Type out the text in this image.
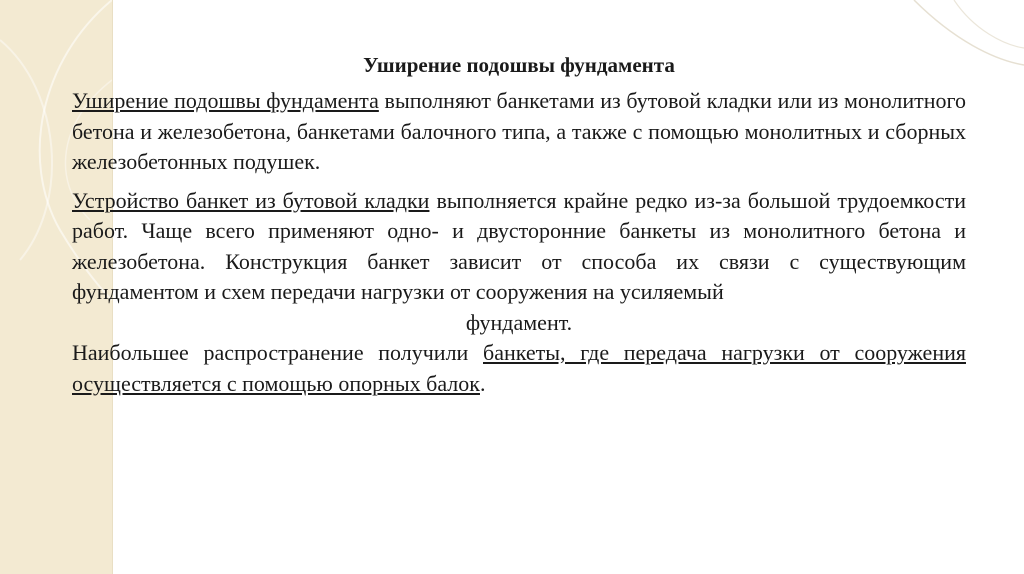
Уширение подошвы фундамента

Уширение подошвы фундамента выполняют банкетами из бутовой кладки или из монолитного бетона и железобетона, банкетами балочного типа, а также с помощью монолитных и сборных железобетонных подушек.

Устройство банкет из бутовой кладки выполняется крайне редко из-за большой трудоемкости работ. Чаще всего применяют одно- и двусторонние банкеты из монолитного бетона и железобетона. Конструкция банкет зависит от способа их связи с существующим фундаментом и схем передачи нагрузки от сооружения на усиляемый
фундамент.

Наибольшее распространение получили банкеты, где передача нагрузки от сооружения осуществляется с помощью опорных балок.
